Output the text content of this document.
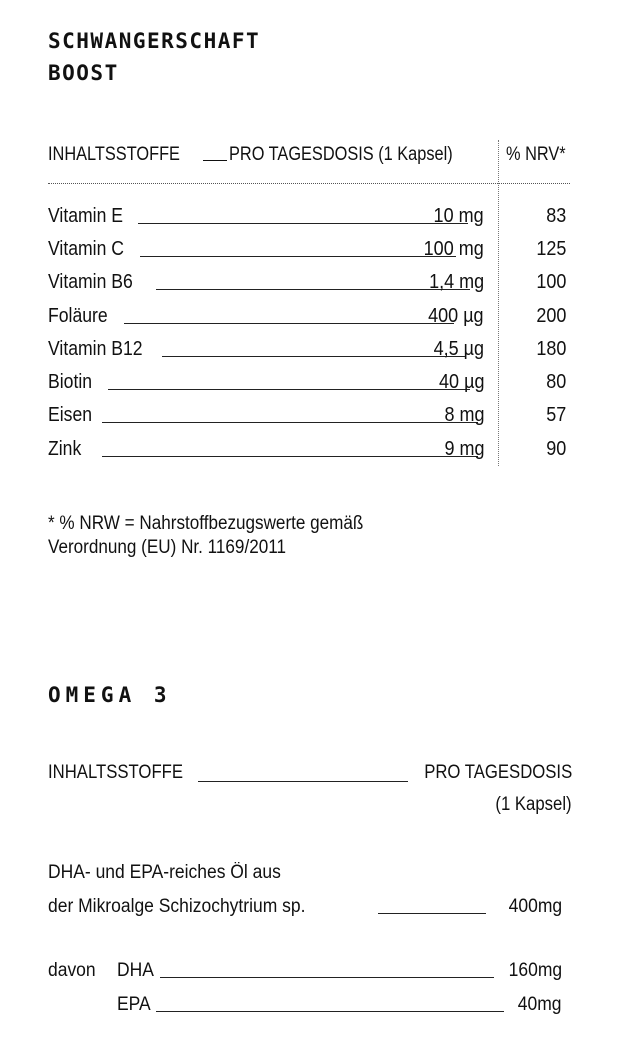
SCHWANGERSCHAFT
BOOST
INHALTSSTOFFE	PRO TAGESDOSIS (1 Kapsel)	% NRV*
Vitamin E	10 mg	83
Vitamin C	100 mg	125
Vitamin B6	1,4 mg	100
Foläure	400 µg	200
Vitamin B12	4,5 µg	180
Biotin	40 µg	80
Eisen	8 mg	57
Zink	9 mg	90
* % NRW = Nahrstoffbezugswerte gemäß
Verordnung (EU) Nr. 1169/2011
OMEGA 3
INHALTSSTOFFE	PRO TAGESDOSIS
(1 Kapsel)
DHA- und EPA-reiches Öl aus
der Mikroalge Schizochytrium sp.	400mg
davon DHA	160mg
EPA	40mg
